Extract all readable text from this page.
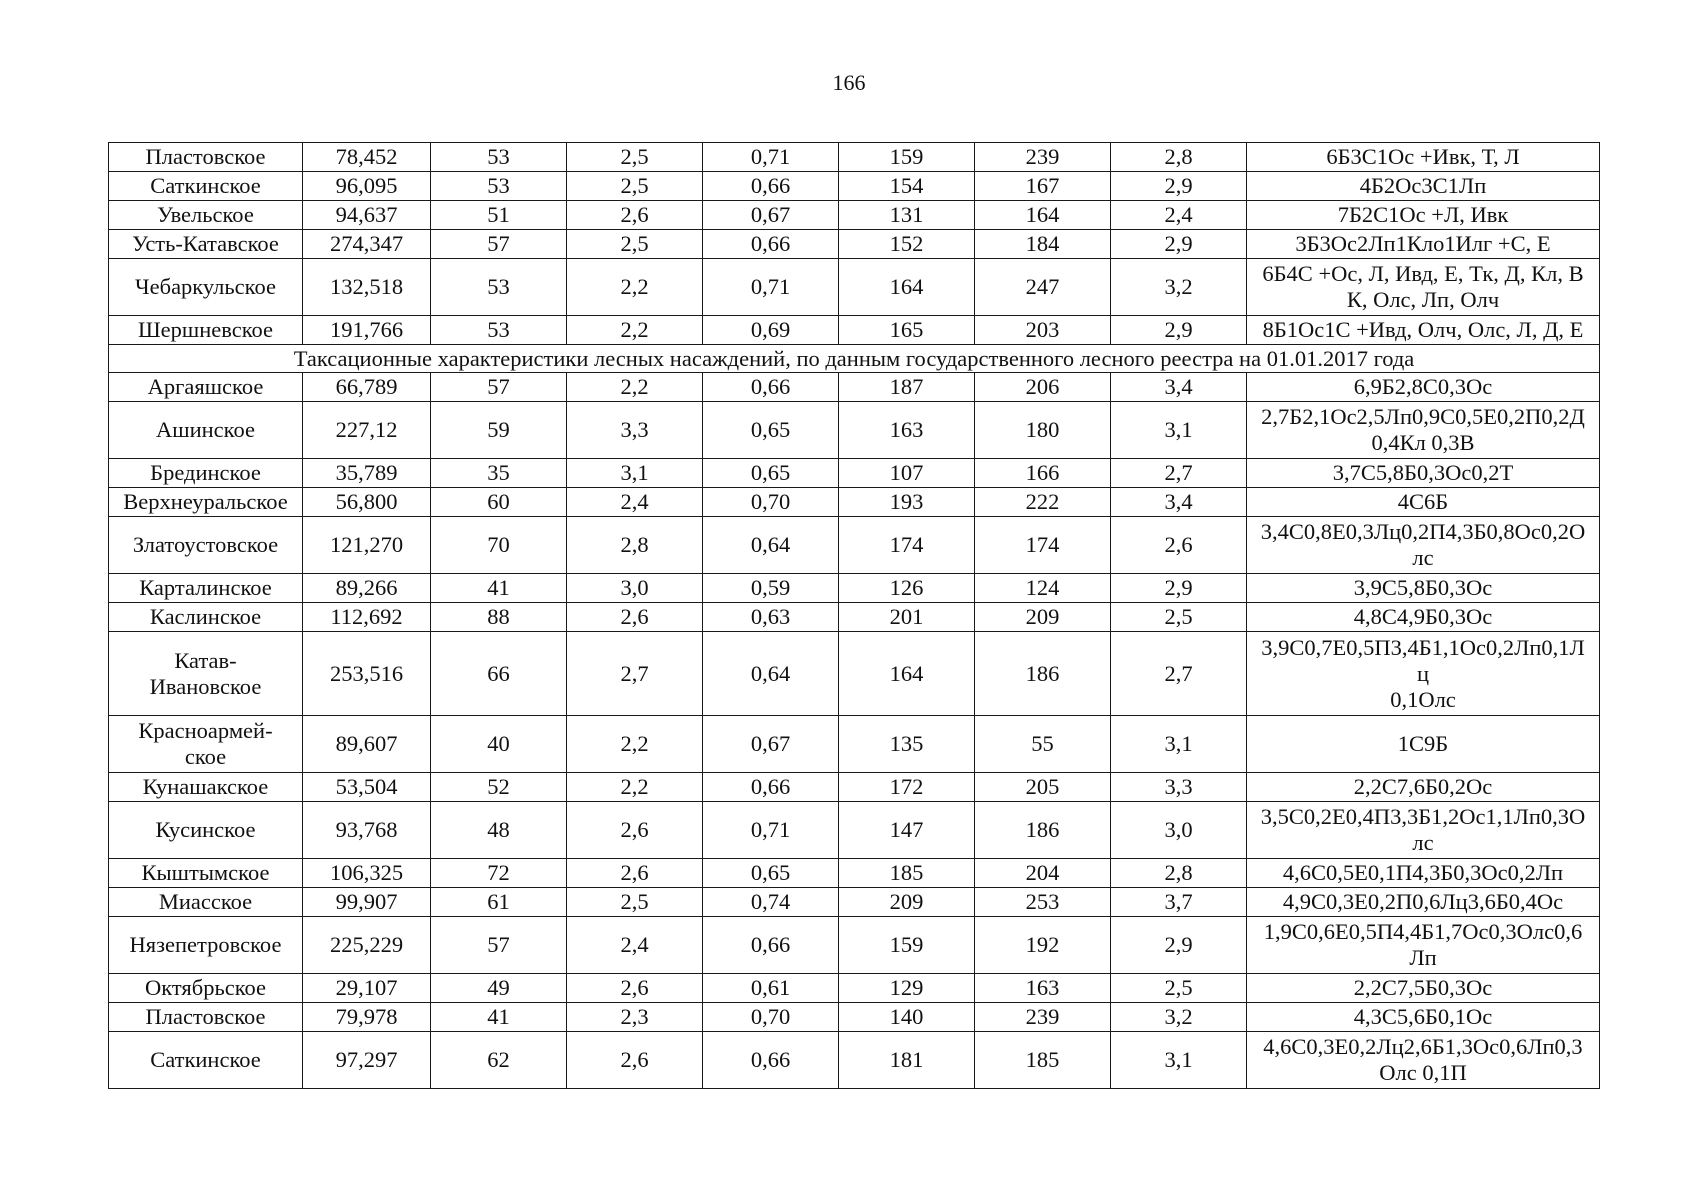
166
Пластовское	78,452	53	2,5	0,71	159	239	2,8	6Б3С1Ос +Ивк, Т, Л

Саткинское	96,095	53	2,5	0,66	154	167	2,9	4Б2Ос3С1Лп

Увельское	94,637	51	2,6	0,67	131	164	2,4	7Б2С1Ос +Л, Ивк

Усть-Катавское	274,347	57	2,5	0,66	152	184	2,9	3Б3Ос2Лп1Кло1Илг +С, Е

Чебаркульское	132,518	53	2,2	0,71	164	247	3,2	6Б4С +Ос, Л, Ивд, Е, Тк, Д, Кл, В
К, Олс, Лп, Олч

Шершневское	191,766	53	2,2	0,69	165	203	2,9	8Б1Ос1С +Ивд, Олч, Олс, Л, Д, Е

Таксационные характеристики лесных насаждений, по данным государственного лесного реестра на 01.01.2017 года								
Аргаяшское	66,789	57	2,2	0,66	187	206	3,4	6,9Б2,8С0,3Ос

Ашинское	227,12	59	3,3	0,65	163	180	3,1	2,7Б2,1Ос2,5Лп0,9С0,5Е0,2П0,2Д
0,4Кл 0,3В

Брединское	35,789	35	3,1	0,65	107	166	2,7	3,7С5,8Б0,3Ос0,2Т

Верхнеуральское	56,800	60	2,4	0,70	193	222	3,4	4С6Б

Златоустовское	121,270	70	2,8	0,64	174	174	2,6	3,4С0,8Е0,3Лц0,2П4,3Б0,8Ос0,2О
лс

Карталинское	89,266	41	3,0	0,59	126	124	2,9	3,9С5,8Б0,3Ос

Каслинское	112,692	88	2,6	0,63	201	209	2,5	4,8С4,9Б0,3Ос

Катав-
Ивановское	253,516	66	2,7	0,64	164	186	2,7	3,9С0,7Е0,5П3,4Б1,1Ос0,2Лп0,1Л
ц
0,1Олс

Красноармей-
ское	89,607	40	2,2	0,67	135	55	3,1	1С9Б

Кунашакское	53,504	52	2,2	0,66	172	205	3,3	2,2С7,6Б0,2Ос

Кусинское	93,768	48	2,6	0,71	147	186	3,0	3,5С0,2Е0,4П3,3Б1,2Ос1,1Лп0,3О
лс

Кыштымское	106,325	72	2,6	0,65	185	204	2,8	4,6С0,5Е0,1П4,3Б0,3Ос0,2Лп

Миасское	99,907	61	2,5	0,74	209	253	3,7	4,9С0,3Е0,2П0,6Лц3,6Б0,4Ос

Нязепетровское	225,229	57	2,4	0,66	159	192	2,9	1,9С0,6Е0,5П4,4Б1,7Ос0,3Олс0,6
Лп

Октябрьское	29,107	49	2,6	0,61	129	163	2,5	2,2С7,5Б0,3Ос

Пластовское	79,978	41	2,3	0,70	140	239	3,2	4,3С5,6Б0,1Ос

Саткинское	97,297	62	2,6	0,66	181	185	3,1	4,6С0,3Е0,2Лц2,6Б1,3Ос0,6Лп0,3
Олс 0,1П
